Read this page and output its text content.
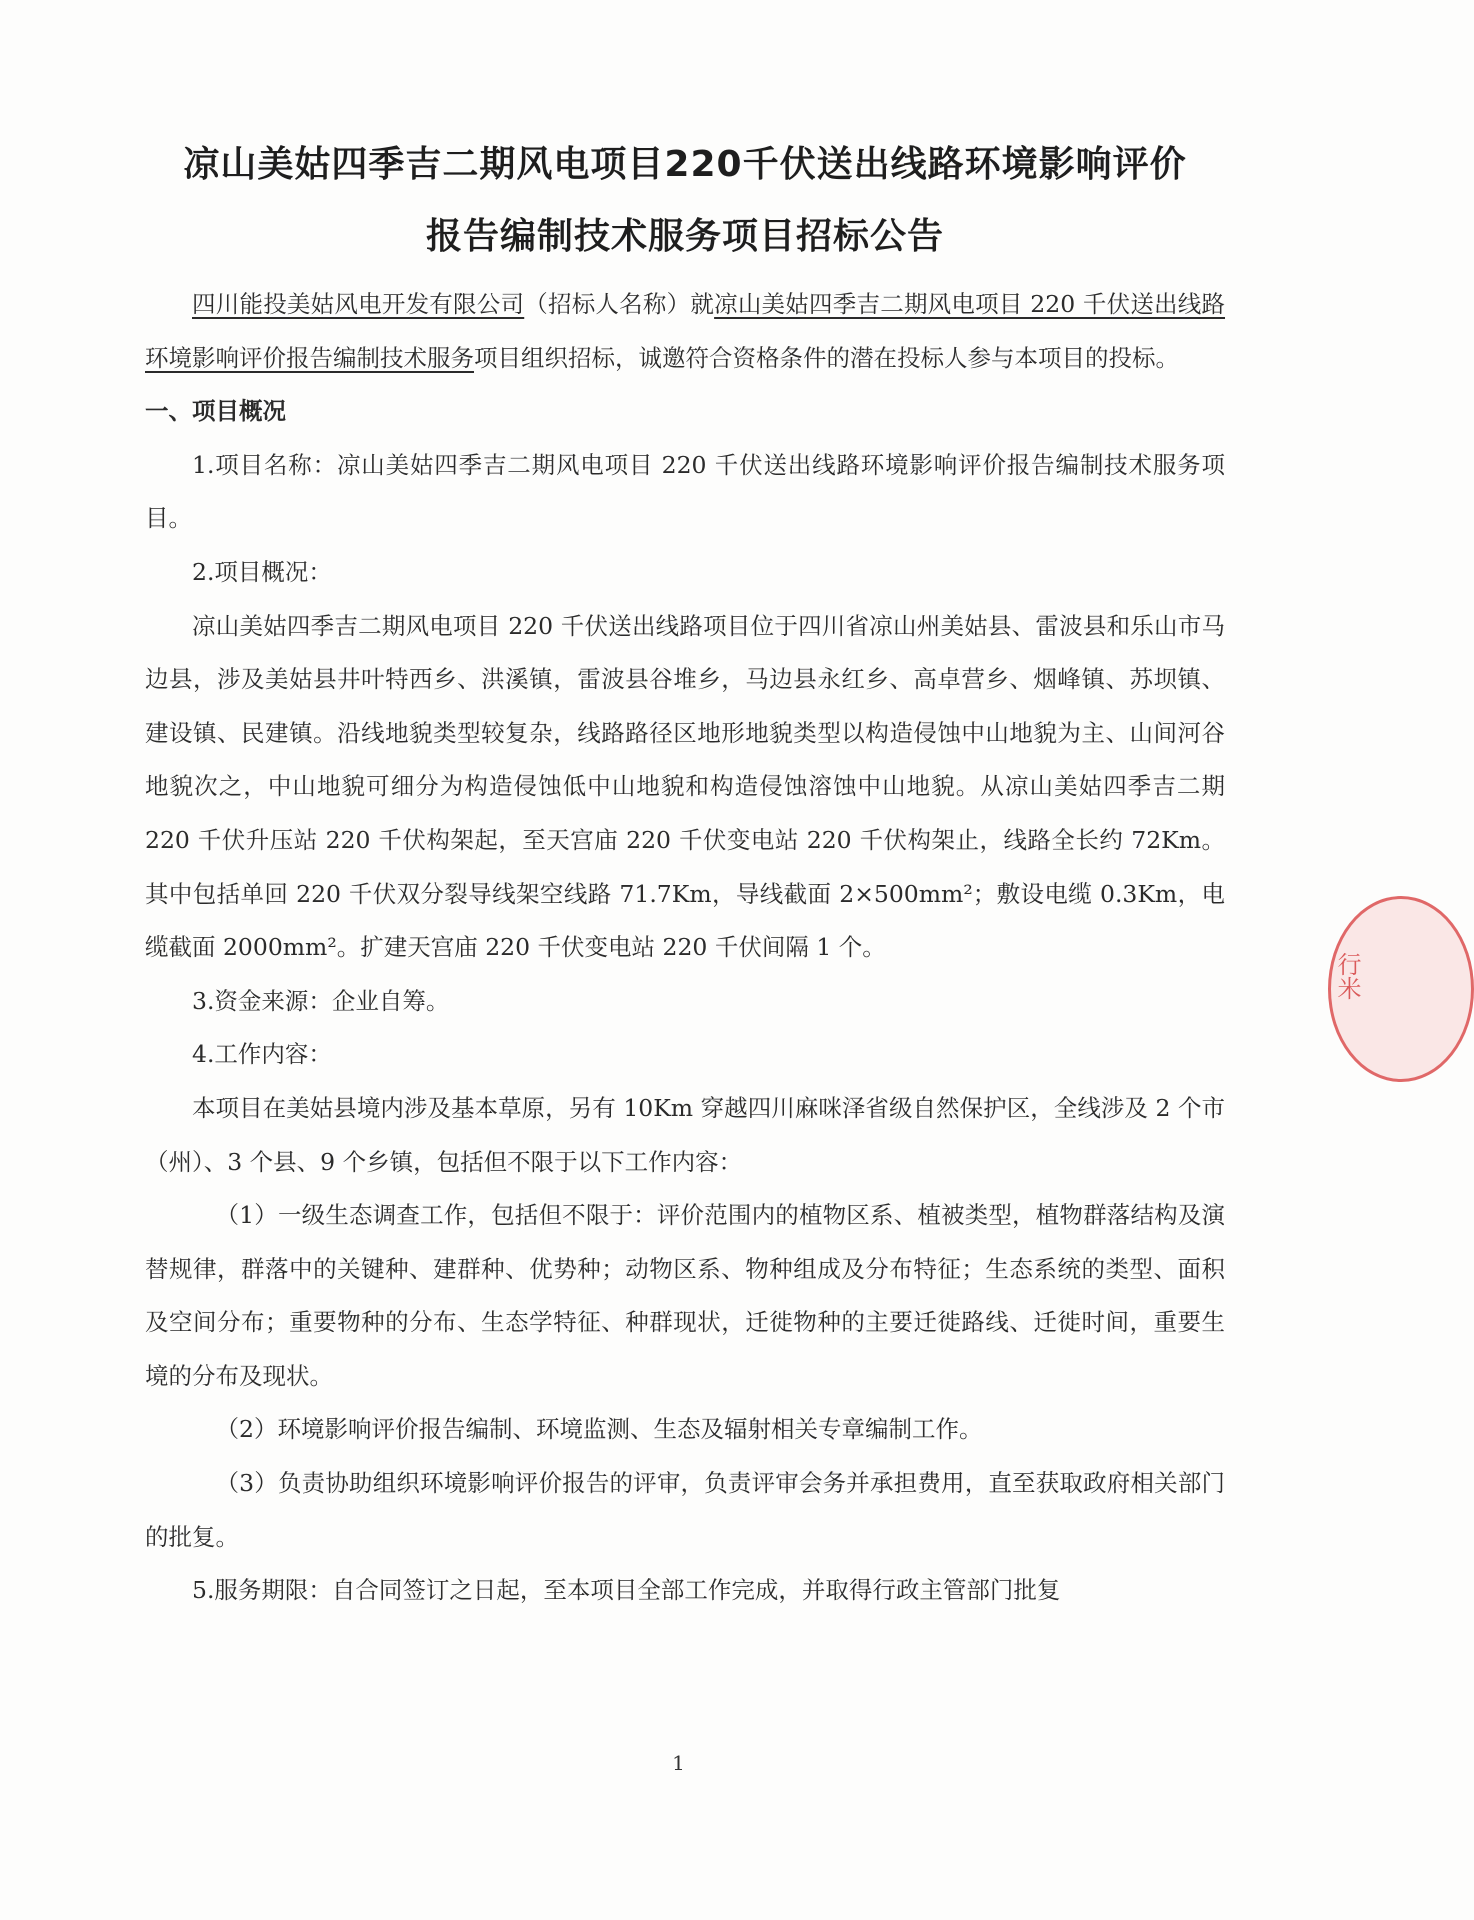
凉山美姑四季吉二期风电项目220千伏送出线路环境影响评价
报告编制技术服务项目招标公告

四川能投美姑风电开发有限公司（招标人名称）就凉山美姑四季吉二期风电项目 220 千伏送出线路环境影响评价报告编制技术服务项目组织招标，诚邀符合资格条件的潜在投标人参与本项目的投标。

一、项目概况

1.项目名称：凉山美姑四季吉二期风电项目 220 千伏送出线路环境影响评价报告编制技术服务项目。

2.项目概况：

凉山美姑四季吉二期风电项目 220 千伏送出线路项目位于四川省凉山州美姑县、雷波县和乐山市马边县，涉及美姑县井叶特西乡、洪溪镇，雷波县谷堆乡，马边县永红乡、高卓营乡、烟峰镇、苏坝镇、建设镇、民建镇。沿线地貌类型较复杂，线路路径区地形地貌类型以构造侵蚀中山地貌为主、山间河谷地貌次之，中山地貌可细分为构造侵蚀低中山地貌和构造侵蚀溶蚀中山地貌。从凉山美姑四季吉二期 220 千伏升压站 220 千伏构架起，至天宫庙 220 千伏变电站 220 千伏构架止，线路全长约 72Km。其中包括单回 220 千伏双分裂导线架空线路 71.7Km，导线截面 2×500mm²；敷设电缆 0.3Km，电缆截面 2000mm²。扩建天宫庙 220 千伏变电站 220 千伏间隔 1 个。

3.资金来源：企业自筹。

4.工作内容：

本项目在美姑县境内涉及基本草原，另有 10Km 穿越四川麻咪泽省级自然保护区，全线涉及 2 个市（州）、3 个县、9 个乡镇，包括但不限于以下工作内容：

（1）一级生态调查工作，包括但不限于：评价范围内的植物区系、植被类型，植物群落结构及演替规律，群落中的关键种、建群种、优势种；动物区系、物种组成及分布特征；生态系统的类型、面积及空间分布；重要物种的分布、生态学特征、种群现状，迁徙物种的主要迁徙路线、迁徙时间，重要生境的分布及现状。

（2）环境影响评价报告编制、环境监测、生态及辐射相关专章编制工作。

（3）负责协助组织环境影响评价报告的评审，负责评审会务并承担费用，直至获取政府相关部门的批复。

5.服务期限：自合同签订之日起，至本项目全部工作完成，并取得行政主管部门批复

1
行米
